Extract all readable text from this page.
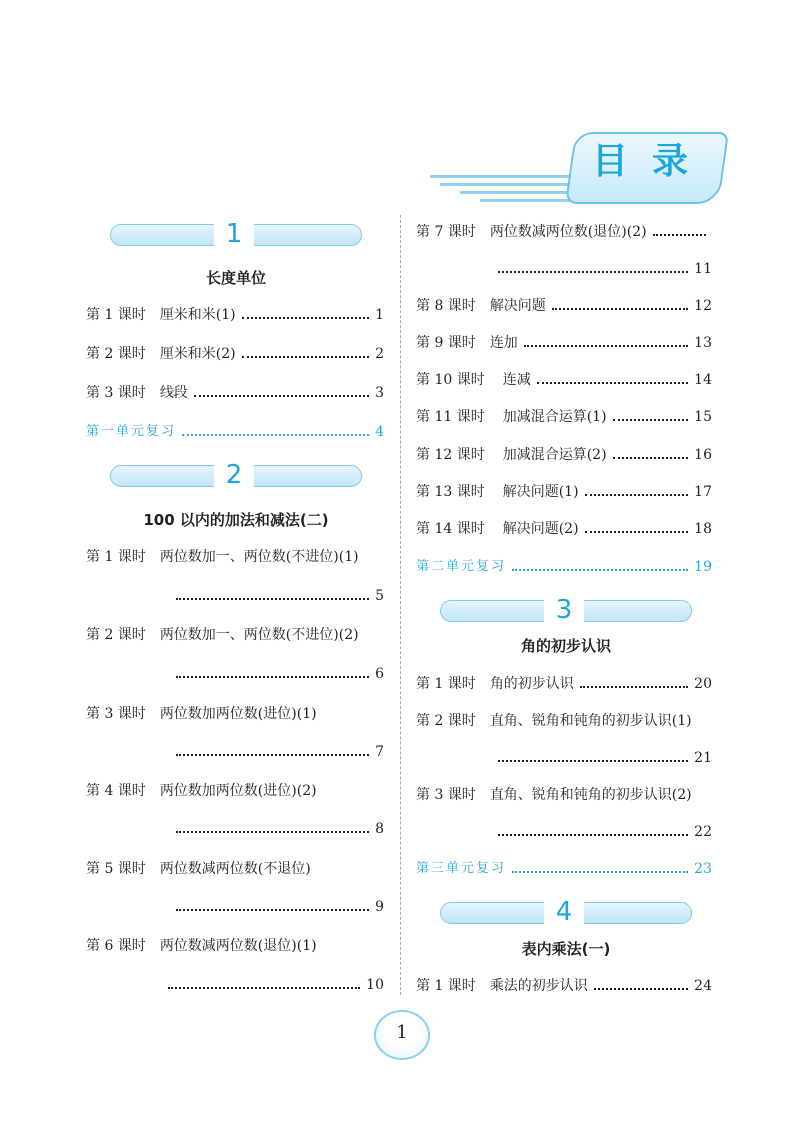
目 录
1
长度单位
第 1 课时 厘米和米(1)	1
第 2 课时 厘米和米(2)	2
第 3 课时 线段	3
第一单元复习	4
2
100 以内的加法和减法(二)
第 1 课时 两位数加一、两位数(不进位)(1)
5
第 2 课时 两位数加一、两位数(不进位)(2)
6
第 3 课时 两位数加两位数(进位)(1)
7
第 4 课时 两位数加两位数(进位)(2)
8
第 5 课时 两位数减两位数(不退位)
9
第 6 课时 两位数减两位数(退位)(1)
10
第 7 课时 两位数减两位数(退位)(2)
11
第 8 课时 解决问题	12
第 9 课时 连加	13
第 10 课时 连减	14
第 11 课时 加减混合运算(1)	15
第 12 课时 加减混合运算(2)	16
第 13 课时 解决问题(1)	17
第 14 课时 解决问题(2)	18
第二单元复习	19
3
角的初步认识
第 1 课时 角的初步认识	20
第 2 课时 直角、锐角和钝角的初步认识(1)
21
第 3 课时 直角、锐角和钝角的初步认识(2)
22
第三单元复习	23
4
表内乘法(一)
第 1 课时 乘法的初步认识	24
1
